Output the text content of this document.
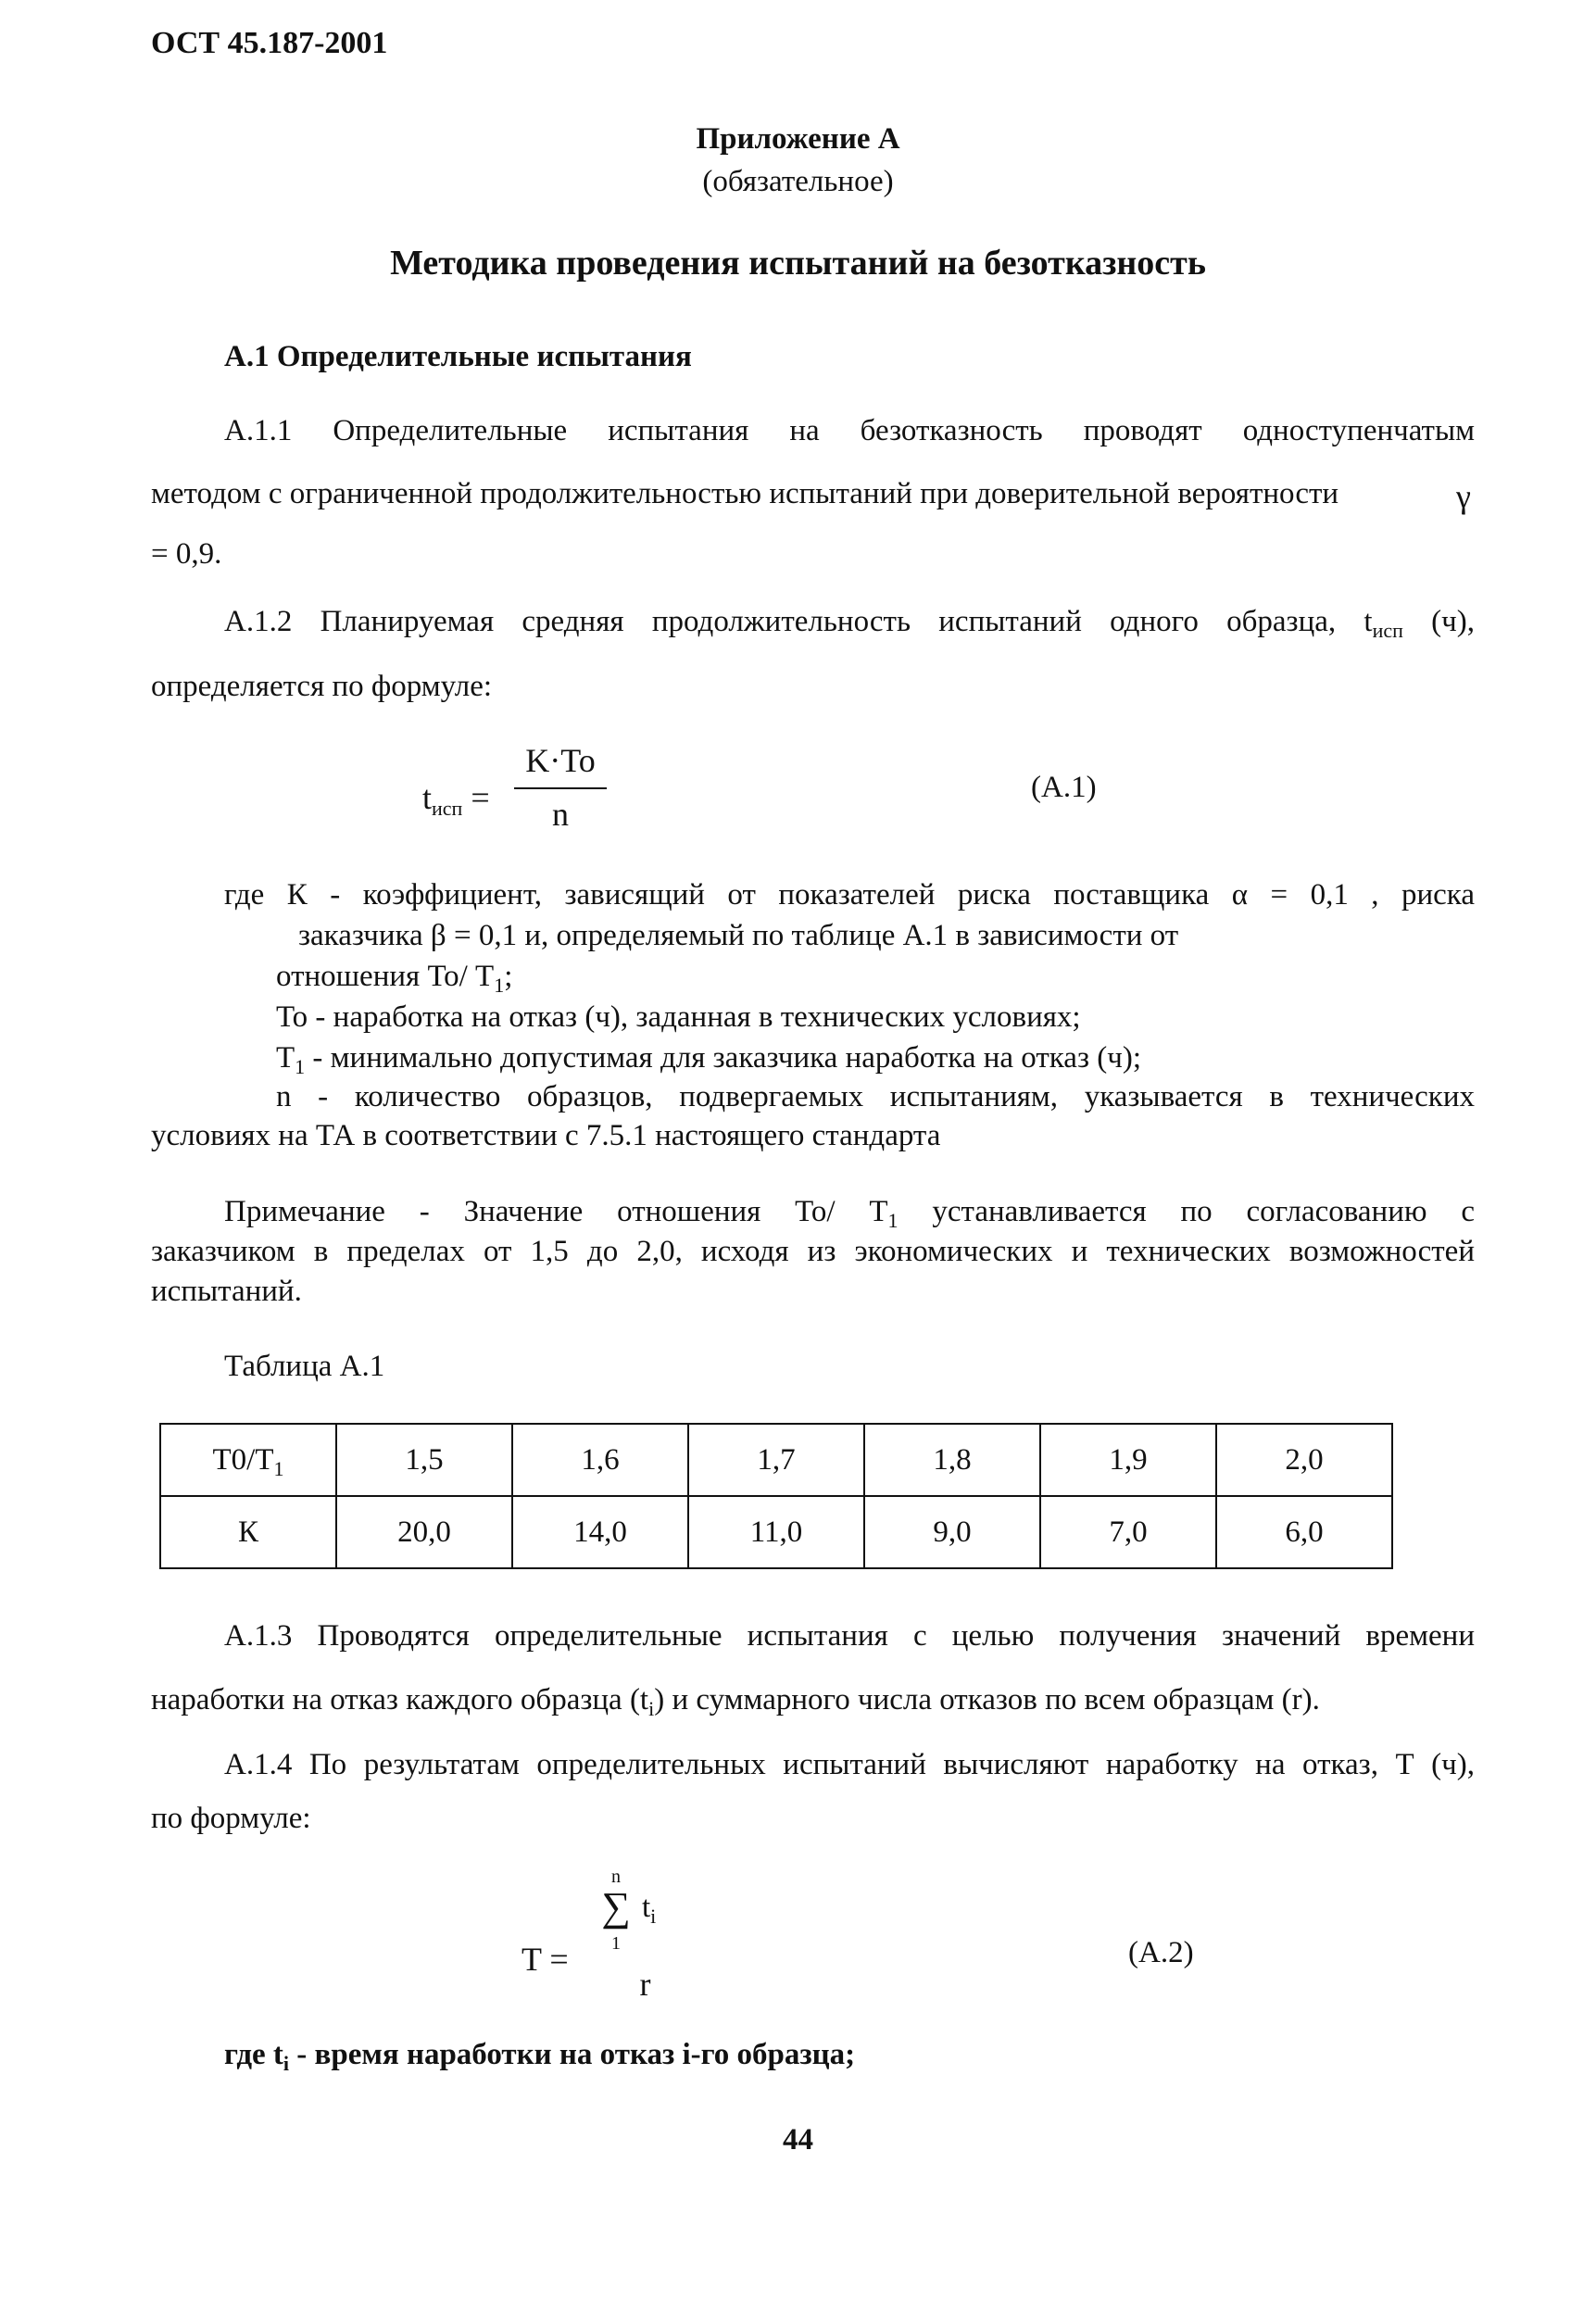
ОСТ 45.187-2001
Приложение А
(обязательное)
Методика проведения испытаний на безотказность
А.1 Определительные испытания
А.1.1 Определительные испытания на безотказность проводят одноступенчатым
методом с ограниченной продолжительностью испытаний при доверительной вероятности	γ
= 0,9.
А.1.2 Планируемая средняя продолжительность испытаний одного образца, $t_{исп}$ (ч),
определяется по формуле:
$t_{исп}$ =
K·To
n
(А.1)
где К - коэффициент, зависящий от показателей риска поставщика α = 0,1 , риска
заказчика β = 0,1 и, определяемый по таблице А.1 в зависимости от
отношения То/ $Т_1$;
То - наработка на отказ (ч), заданная в технических условиях;
$Т_1$ - минимально допустимая для заказчика наработка на отказ (ч);
n - количество образцов, подвергаемых испытаниям, указывается в технических
условиях на ТА в соответствии с 7.5.1 настоящего стандарта
Примечание - Значение отношения То/ $Т_1$ устанавливается по согласованию с
заказчиком в пределах от 1,5 до 2,0, исходя из экономических и технических возможностей
испытаний.
Таблица А.1
$Т0/Т_1$	1,5	1,6	1,7	1,8	1,9	2,0
К	20,0	14,0	11,0	9,0	7,0	6,0
А.1.3 Проводятся определительные испытания с целью получения значений времени
наработки на отказ каждого образца $(t_i)$ и суммарного числа отказов по всем образцам (r).
А.1.4 По результатам определительных испытаний вычисляют наработку на отказ, Т (ч),
по формуле:
T =
n
∑
1
$t_i$
r
(А.2)
где $t_i$ - время наработки на отказ i-го образца;
44
